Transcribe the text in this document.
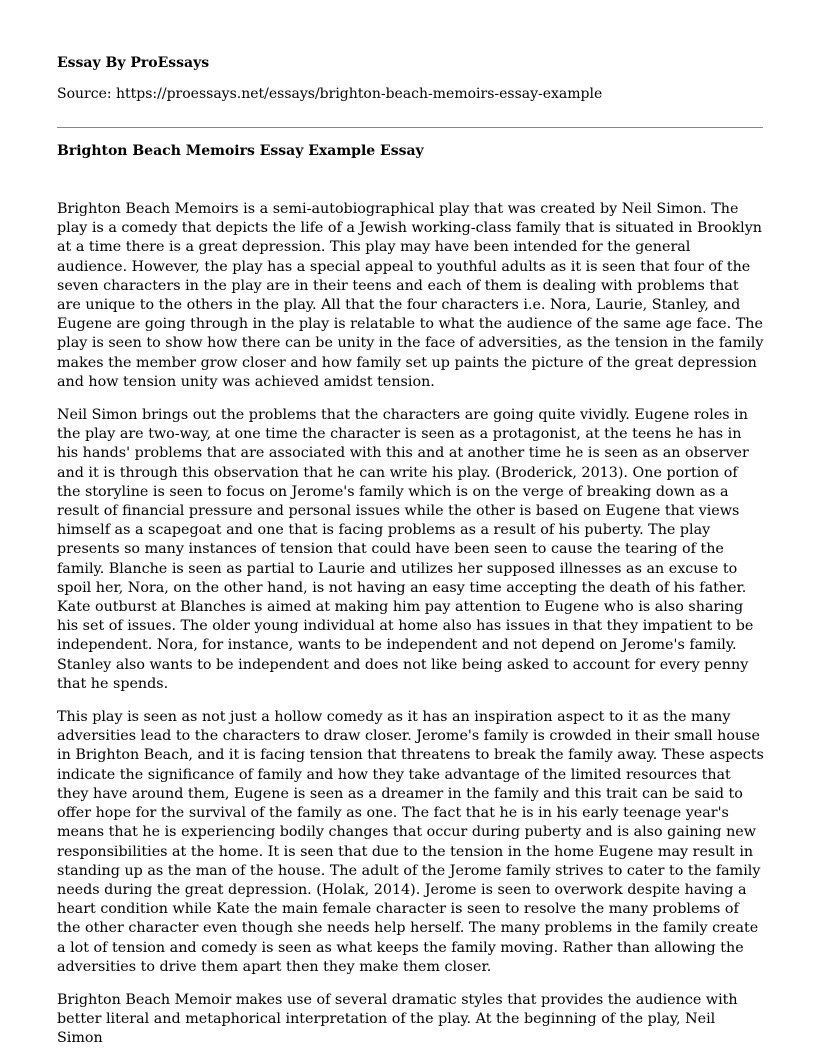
Essay By ProEssays
Source: https://proessays.net/essays/brighton-beach-memoirs-essay-example
Brighton Beach Memoirs Essay Example Essay

Brighton Beach Memoirs is a semi-autobiographical play that was created by Neil Simon. The play is a comedy that depicts the life of a Jewish working-class family that is situated in Brooklyn at a time there is a great depression. This play may have been intended for the general audience. However, the play has a special appeal to youthful adults as it is seen that four of the seven characters in the play are in their teens and each of them is dealing with problems that are unique to the others in the play. All that the four characters i.e. Nora, Laurie, Stanley, and Eugene are going through in the play is relatable to what the audience of the same age face. The play is seen to show how there can be unity in the face of adversities, as the tension in the family makes the member grow closer and how family set up paints the picture of the great depression and how tension unity was achieved amidst tension.

Neil Simon brings out the problems that the characters are going quite vividly. Eugene roles in the play are two-way, at one time the character is seen as a protagonist, at the teens he has in his hands' problems that are associated with this and at another time he is seen as an observer and it is through this observation that he can write his play. (Broderick, 2013). One portion of the storyline is seen to focus on Jerome's family which is on the verge of breaking down as a result of financial pressure and personal issues while the other is based on Eugene that views himself as a scapegoat and one that is facing problems as a result of his puberty. The play presents so many instances of tension that could have been seen to cause the tearing of the family. Blanche is seen as partial to Laurie and utilizes her supposed illnesses as an excuse to spoil her, Nora, on the other hand, is not having an easy time accepting the death of his father. Kate outburst at Blanches is aimed at making him pay attention to Eugene who is also sharing his set of issues. The older young individual at home also has issues in that they impatient to be independent. Nora, for instance, wants to be independent and not depend on Jerome's family. Stanley also wants to be independent and does not like being asked to account for every penny that he spends.

This play is seen as not just a hollow comedy as it has an inspiration aspect to it as the many adversities lead to the characters to draw closer. Jerome's family is crowded in their small house in Brighton Beach, and it is facing tension that threatens to break the family away. These aspects indicate the significance of family and how they take advantage of the limited resources that they have around them, Eugene is seen as a dreamer in the family and this trait can be said to offer hope for the survival of the family as one. The fact that he is in his early teenage year's means that he is experiencing bodily changes that occur during puberty and is also gaining new responsibilities at the home. It is seen that due to the tension in the home Eugene may result in standing up as the man of the house. The adult of the Jerome family strives to cater to the family needs during the great depression. (Holak, 2014). Jerome is seen to overwork despite having a heart condition while Kate the main female character is seen to resolve the many problems of the other character even though she needs help herself. The many problems in the family create a lot of tension and comedy is seen as what keeps the family moving. Rather than allowing the adversities to drive them apart then they make them closer.

Brighton Beach Memoir makes use of several dramatic styles that provides the audience with better literal and metaphorical interpretation of the play. At the beginning of the play, Neil Simon
